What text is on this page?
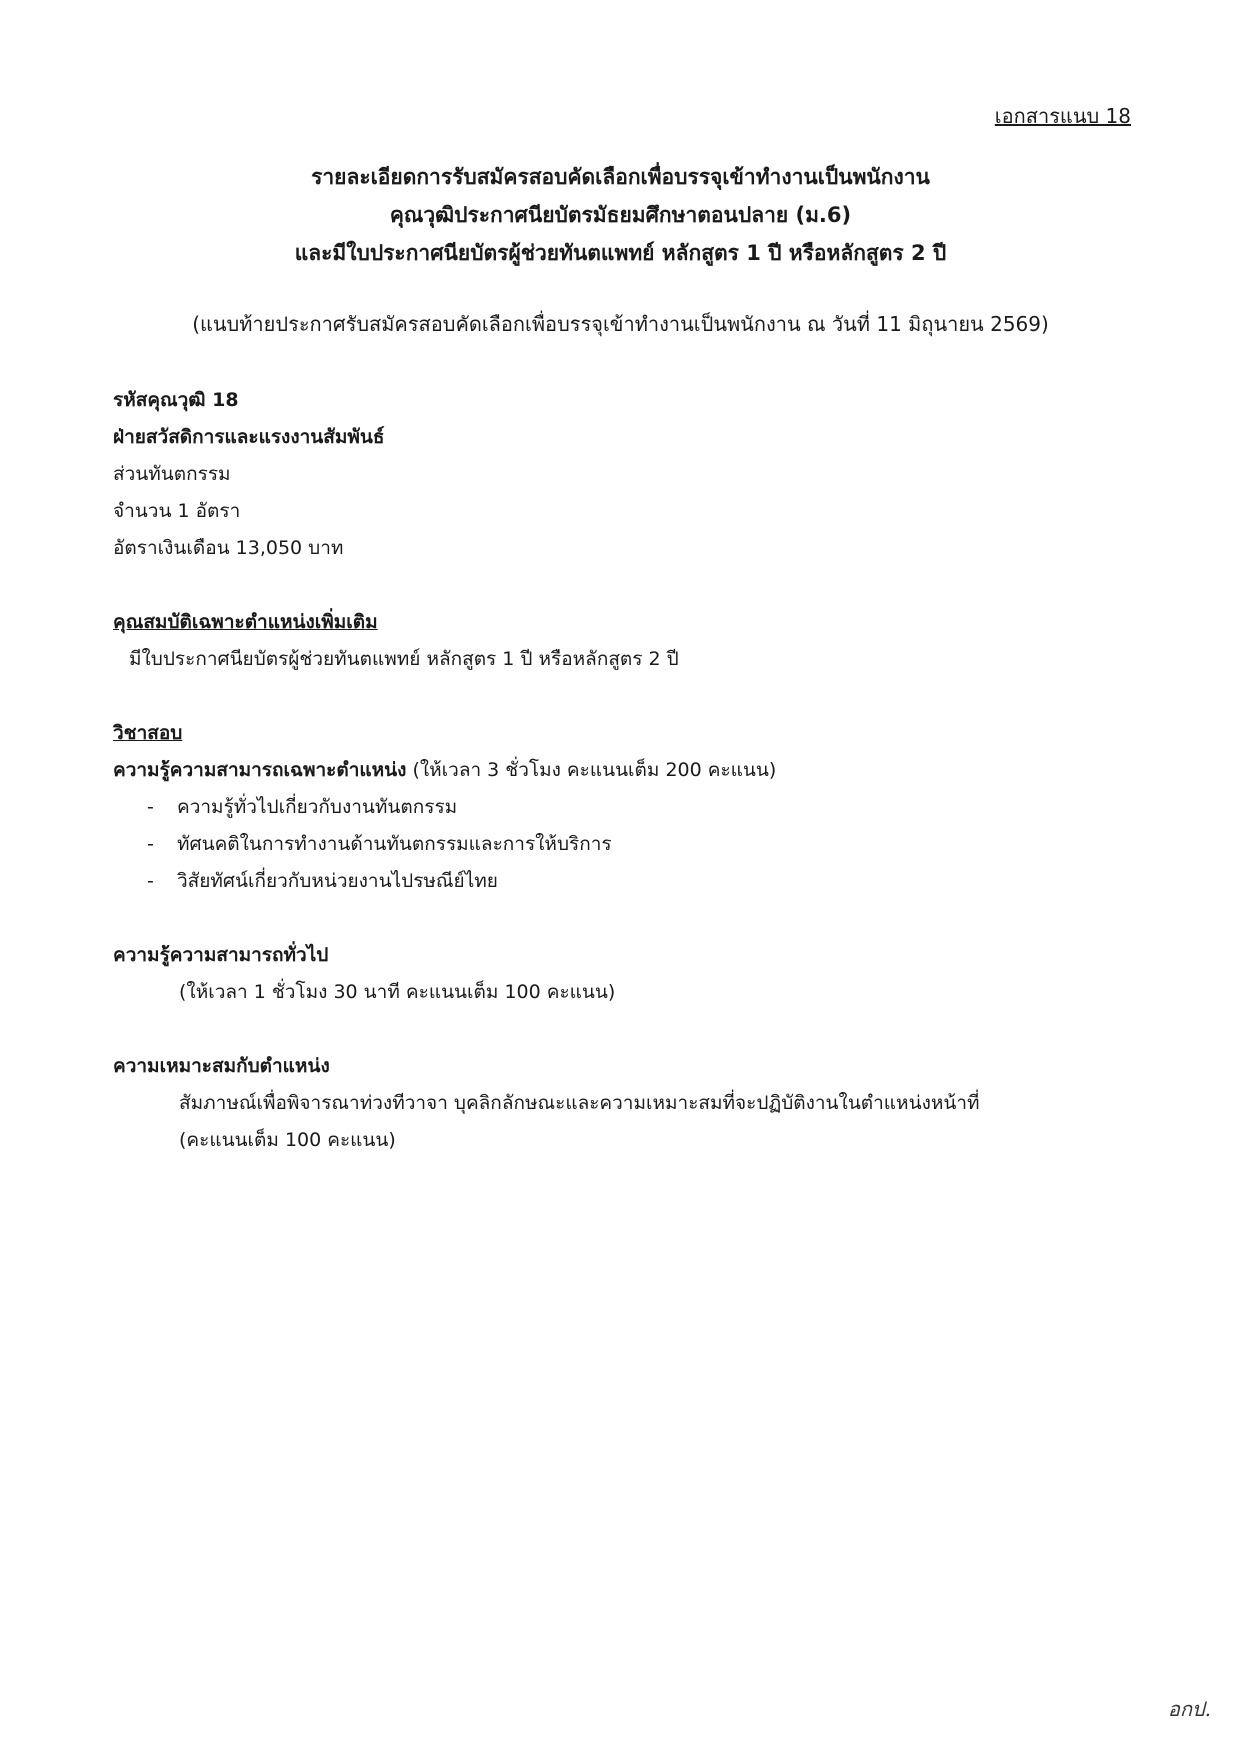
เอกสารแนบ 18
รายละเอียดการรับสมัครสอบคัดเลือกเพื่อบรรจุเข้าทำงานเป็นพนักงาน
คุณวุฒิประกาศนียบัตรมัธยมศึกษาตอนปลาย (ม.6)
และมีใบประกาศนียบัตรผู้ช่วยทันตแพทย์ หลักสูตร 1 ปี หรือหลักสูตร 2 ปี
(แนบท้ายประกาศรับสมัครสอบคัดเลือกเพื่อบรรจุเข้าทำงานเป็นพนักงาน ณ วันที่ 11 มิถุนายน 2569)
รหัสคุณวุฒิ 18
ฝ่ายสวัสดิการและแรงงานสัมพันธ์
ส่วนทันตกรรม
จำนวน 1 อัตรา
อัตราเงินเดือน 13,050 บาท
คุณสมบัติเฉพาะตำแหน่งเพิ่มเติม
มีใบประกาศนียบัตรผู้ช่วยทันตแพทย์ หลักสูตร 1 ปี หรือหลักสูตร 2 ปี
วิชาสอบ
ความรู้ความสามารถเฉพาะตำแหน่ง (ให้เวลา 3 ชั่วโมง คะแนนเต็ม 200 คะแนน)
- ความรู้ทั่วไปเกี่ยวกับงานทันตกรรม
- ทัศนคติในการทำงานด้านทันตกรรมและการให้บริการ
- วิสัยทัศน์เกี่ยวกับหน่วยงานไปรษณีย์ไทย
ความรู้ความสามารถทั่วไป
(ให้เวลา 1 ชั่วโมง 30 นาที คะแนนเต็ม 100 คะแนน)
ความเหมาะสมกับตำแหน่ง
สัมภาษณ์เพื่อพิจารณาท่วงทีวาจา บุคลิกลักษณะและความเหมาะสมที่จะปฏิบัติงานในตำแหน่งหน้าที่
(คะแนนเต็ม 100 คะแนน)
อกป.
